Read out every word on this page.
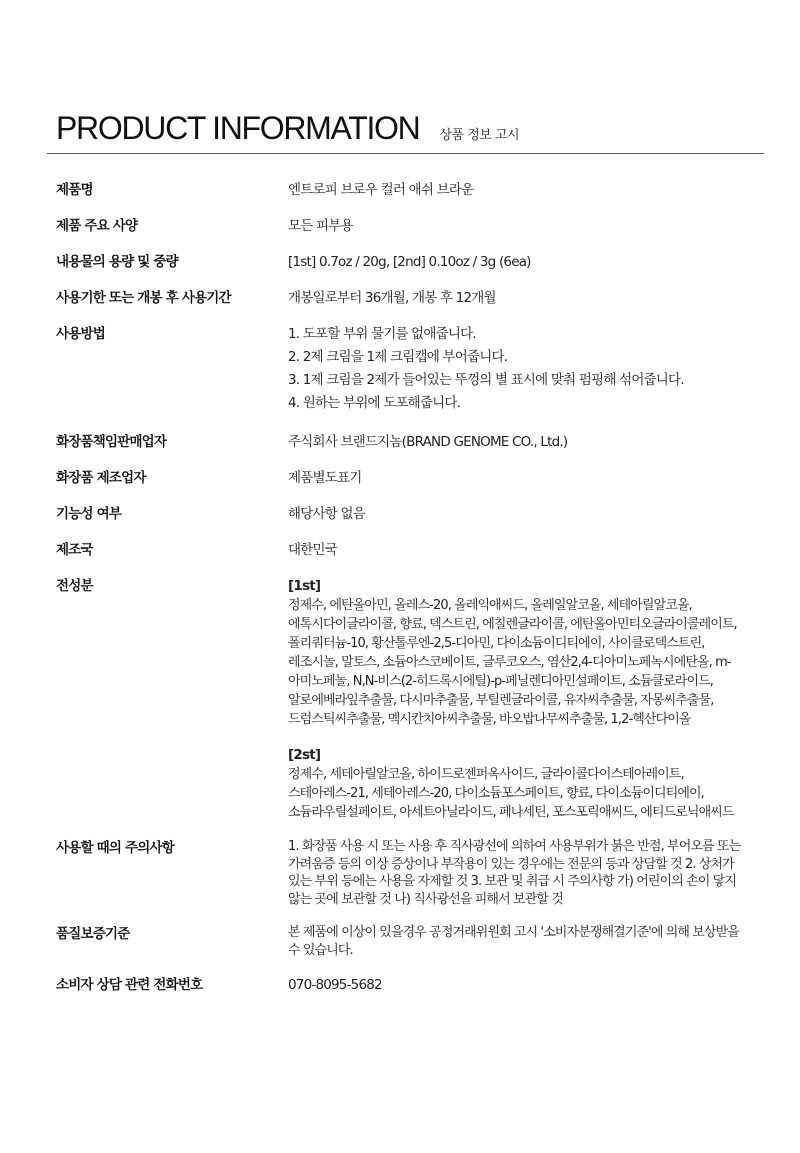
PRODUCT INFORMATION 상품 정보 고시
제품명	엔트로피 브로우 컬러 애쉬 브라운
제품 주요 사양	모든 피부용
내용물의 용량 및 중량	[1st] 0.7oz / 20g, [2nd] 0.10oz / 3g (6ea)
사용기한 또는 개봉 후 사용기간	개봉일로부터 36개월, 개봉 후 12개월
사용방법	1. 도포할 부위 물기를 없애줍니다.
2. 2제 크림을 1제 크림캡에 부어줍니다.
3. 1제 크림을 2제가 들어있는 뚜껑의 별 표시에 맞춰 펌핑해 섞어줍니다.
4. 원하는 부위에 도포해줍니다.
화장품책임판매업자	주식회사 브랜드지놈(BRAND GENOME CO., Ltd.)
화장품 제조업자	제품별도표기
기능성 여부	해당사항 없음
제조국	대한민국
전성분	[1st]
정제수, 에탄올아민, 올레스-20, 올레익애씨드, 올레일알코올, 세테아릴알코올, 에톡시다이글라이콜, 향료, 덱스트린, 에칠렌글라이콜, 에탄올아민티오글라이콜레이트, 폴리쿼터늄-10, 황산톨루엔-2,5-디아민, 다이소듐이디티에이, 사이클로덱스트린, 레조시놀, 말토스, 소듐아스코베이트, 글루코오스, 염산2,4-디아미노페녹시에탄올, m-아미노페놀, N,N-비스(2-히드록시에틸)-p-페닐렌디아민설페이트, 소듐클로라이드, 알로에베라잎추출물, 다시마추출물, 부틸렌글라이콜, 유자씨추출물, 자몽씨추출물, 드럼스틱씨추출물, 멕시칸치아씨추출물, 바오밥나무씨추출물, 1,2-헥산다이올
[2st]
정제수, 세테아릴알코올, 하이드로젠퍼옥사이드, 글라이콜다이스테아레이트, 스테아레스-21, 세테아레스-20, 다이소듐포스페이트, 향료, 다이소듐이디티에이, 소듐라우릴설페이트, 아세트아닐라이드, 페나세틴, 포스포릭애씨드, 에티드로닉애씨드
사용할 때의 주의사항	1. 화장품 사용 시 또는 사용 후 직사광선에 의하여 사용부위가 붉은 반점, 부어오름 또는 가려움증 등의 이상 증상이나 부작용이 있는 경우에는 전문의 등과 상담할 것 2. 상처가 있는 부위 등에는 사용을 자제할 것 3. 보관 및 취급 시 주의사항 가) 어린이의 손이 닿지 않는 곳에 보관할 것 나) 직사광선을 피해서 보관할 것
품질보증기준	본 제품에 이상이 있을경우 공정거래위원회 고시 '소비자분쟁해결기준'에 의해 보상받을 수 있습니다.
소비자 상담 관련 전화번호	070-8095-5682
